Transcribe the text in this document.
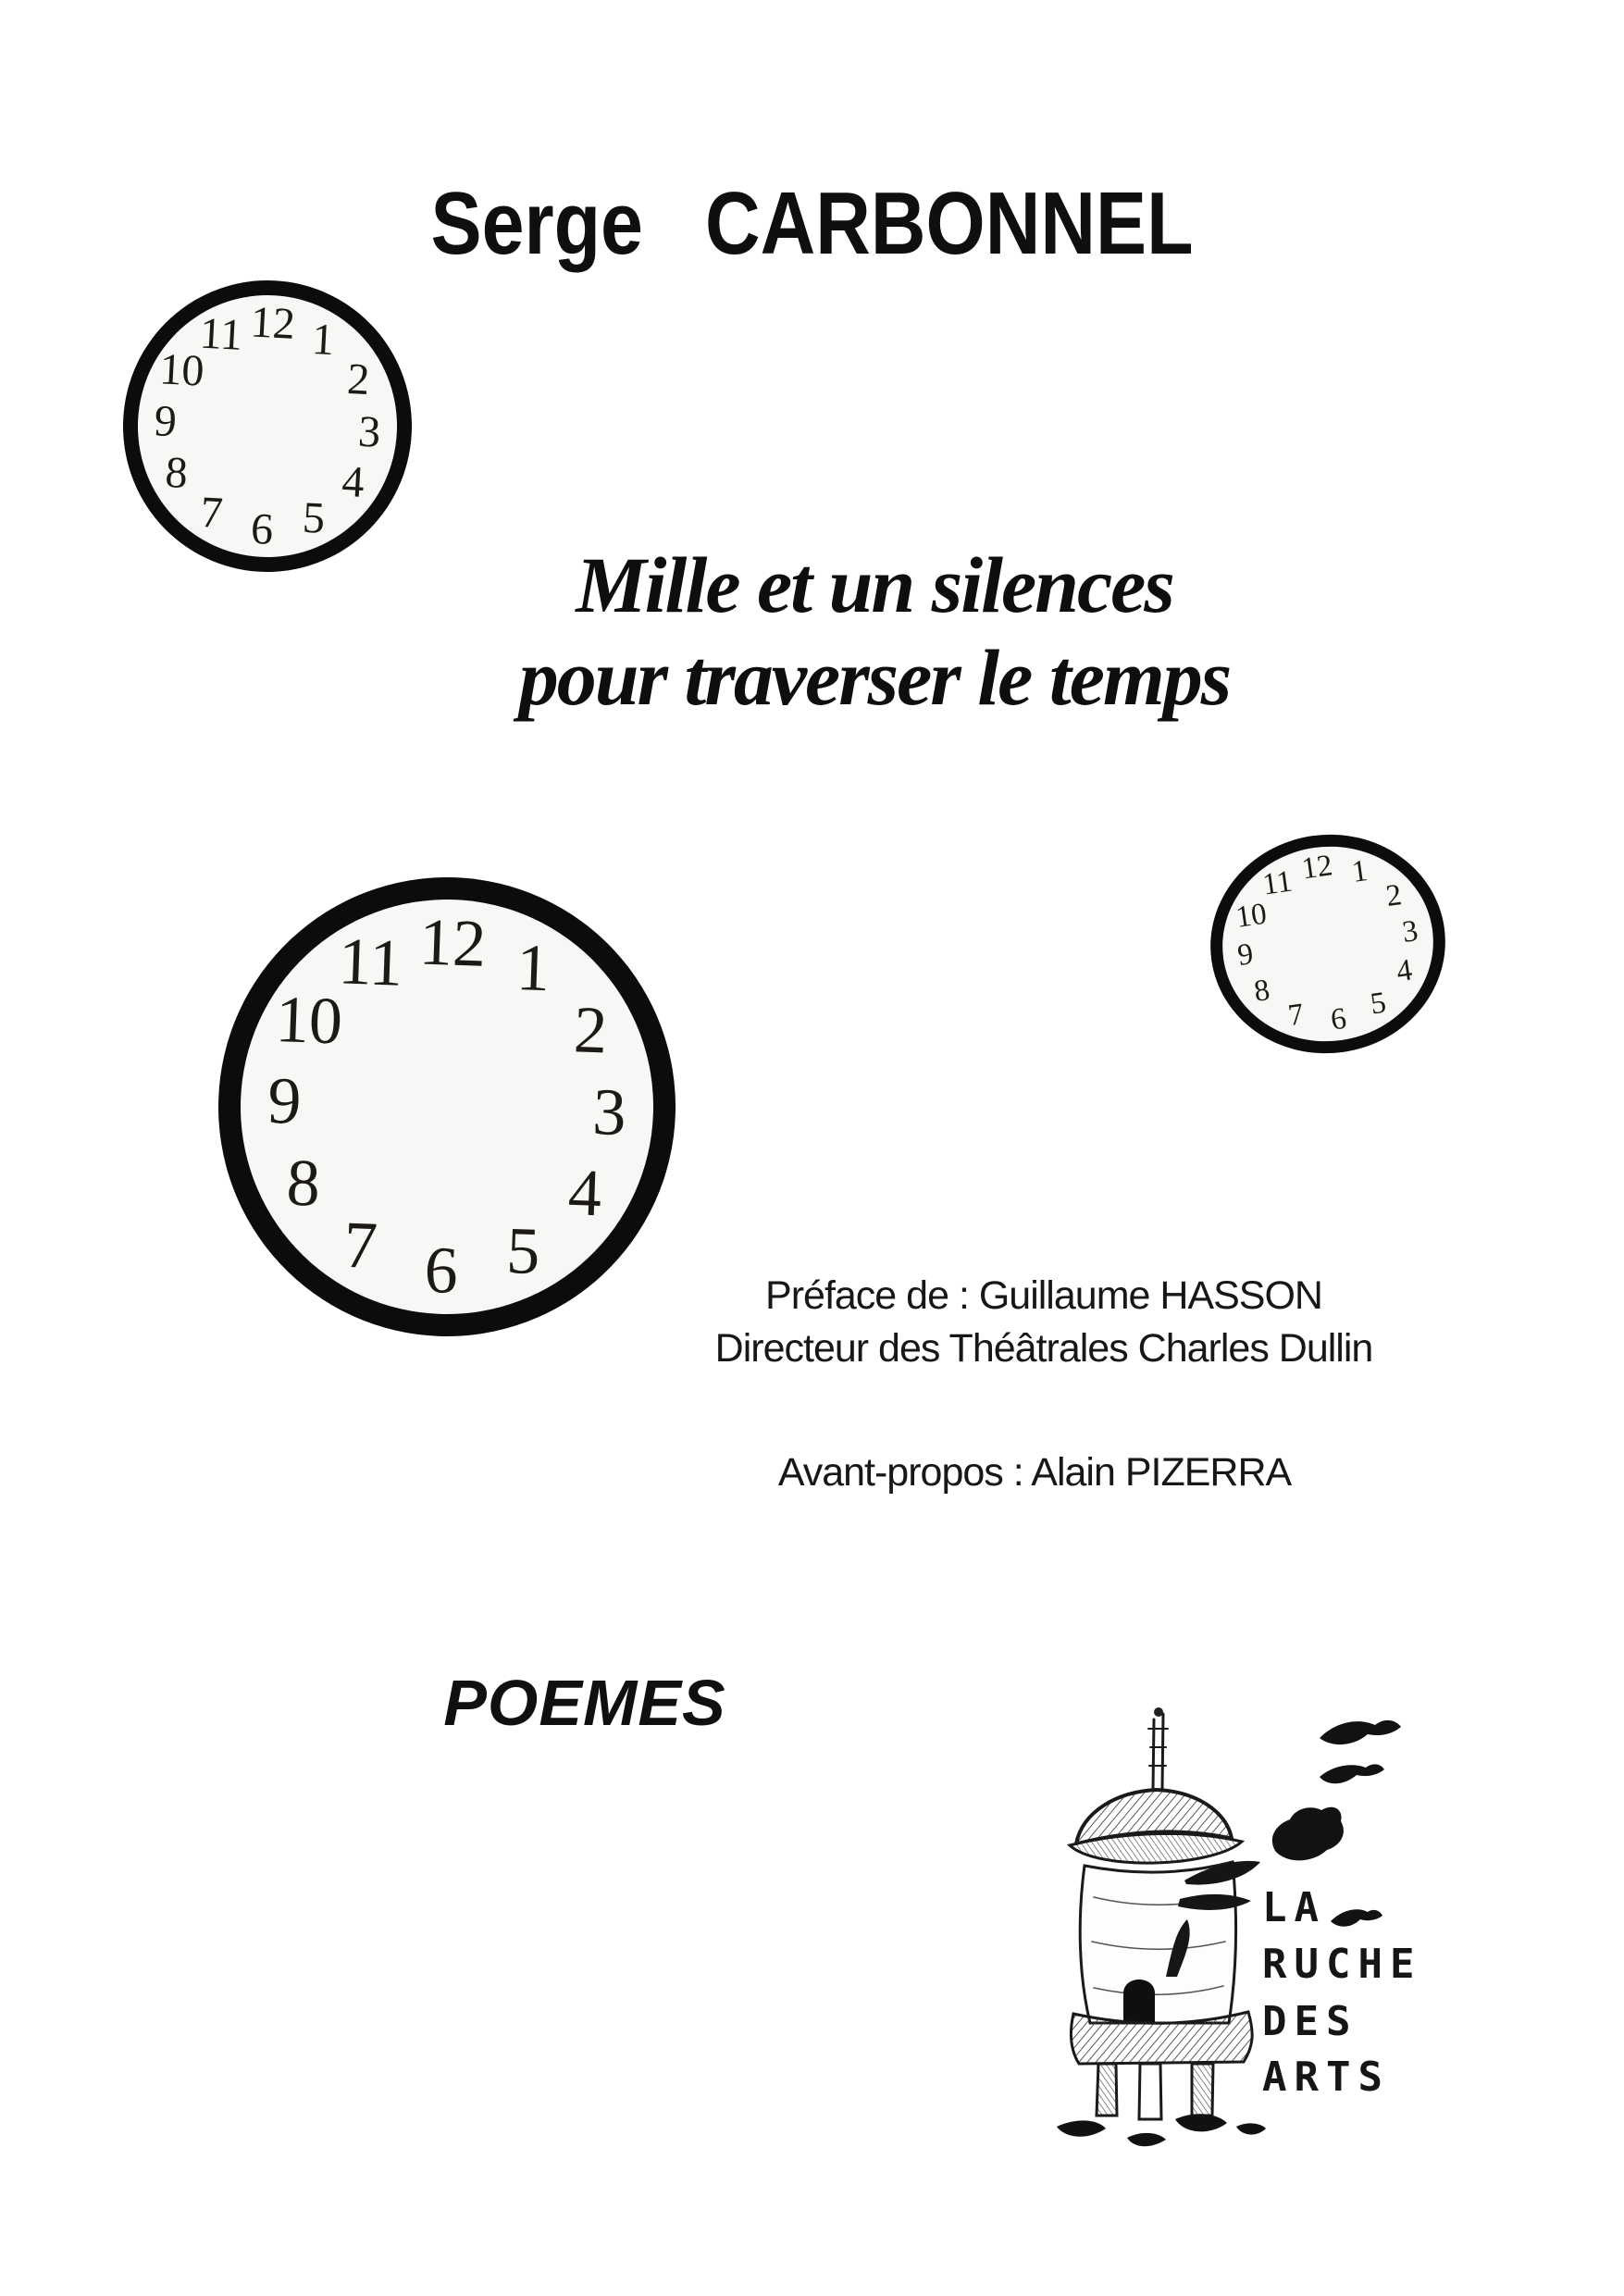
Serge CARBONNEL
12 1
2
3
4
5
6
7
8
9
10
11
Mille et un silences
pour traverser le temps
12 1
2
3
4
5
6
7
8
9
10
11
12 1
2
3
4
5
6
7
8
9
10
11
Préface de : Guillaume HASSON
Directeur des Théâtrales Charles Dullin
Avant-propos : Alain PIZERRA
POEMES
LA
RUCHE
DES
ARTS
